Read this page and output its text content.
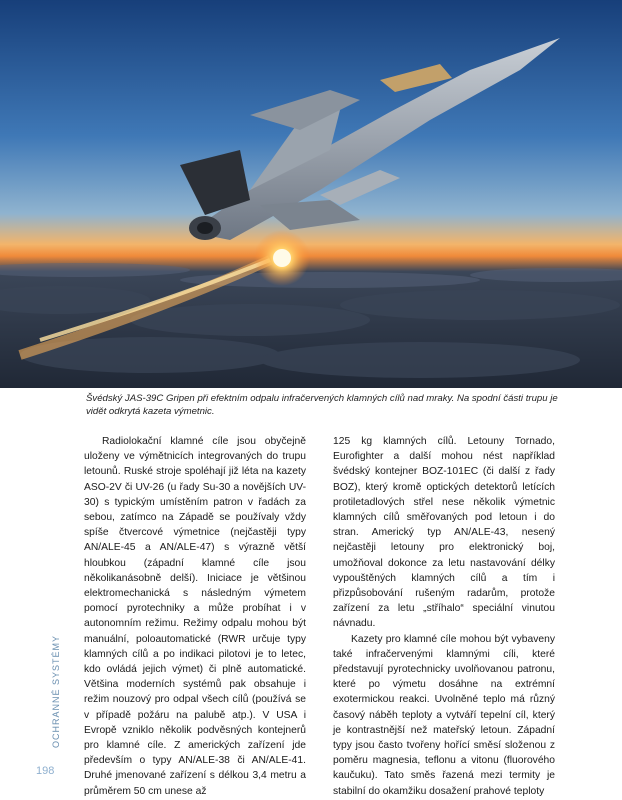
Švédský JAS-39C Gripen při efektním odpalu infračervených klamných cílů nad mraky. Na spodní části trupu je vidět odkrytá kazeta výmetnic.

Radiolokační klamné cíle jsou obyčejně uloženy ve výmětnicích integrovaných do trupu letounů. Ruské stroje spoléhají již léta na kazety ASO-2V či UV-26 (u řady Su-30 a novějších UV-30) s typickým umístěním patron v řadách za sebou, zatímco na Západě se používaly vždy spíše čtvercové výmetnice (nejčastěji typy AN/ALE-45 a AN/ALE-47) s výrazně větší hloubkou (západní klamné cíle jsou několikanásobně delší). Iniciace je většinou elektromechanická s následným výmetem pomocí pyrotechniky a může probíhat i v autonomním režimu. Režimy odpalu mohou být manuální, poloautomatické (RWR určuje typy klamných cílů a po indikaci pilotovi je to letec, kdo ovládá jejich výmet) či plně automatické. Většina moderních systémů pak obsahuje i režim nouzový pro odpal všech cílů (používá se v případě požáru na palubě atp.). V USA i Evropě vzniklo několik podvěsných kontejnerů pro klamné cíle. Z amerických zařízení jde především o typy AN/ALE-38 či AN/ALE-41. Druhé jmenované zařízení s délkou 3,4 metru a průměrem 50 cm unese až

125 kg klamných cílů. Letouny Tornado, Eurofighter a další mohou nést například švédský kontejner BOZ-101EC (či další z řady BOZ), který kromě optických detektorů letících protiletadlových střel nese několik výmetnic klamných cílů směřovaných pod letoun i do stran. Americký typ AN/ALE-43, nesený nejčastěji letouny pro elektronický boj, umožňoval dokonce za letu nastavování délky vypouštěných klamných cílů a tím i přizpůsobování rušeným radarům, protože zařízení za letu „stříhalo“ speciální vinutou návnadu.

Kazety pro klamné cíle mohou být vybaveny také infračervenými klamnými cíli, které představují pyrotechnicky uvolňovanou patronu, které po výmetu dosáhne na extrémní exotermickou reakci. Uvolněné teplo má různý časový náběh teploty a vytváří tepelní cíl, který je kontrastnější než mateřský letoun. Západní typy jsou často tvořeny hořící směsí složenou z poměru magnesia, teflonu a vitonu (fluorového kaučuku). Tato směs řazená mezi termity je stabilní do okamžiku dosažení prahové teploty

OCHRANNÉ SYSTÉMY
198
